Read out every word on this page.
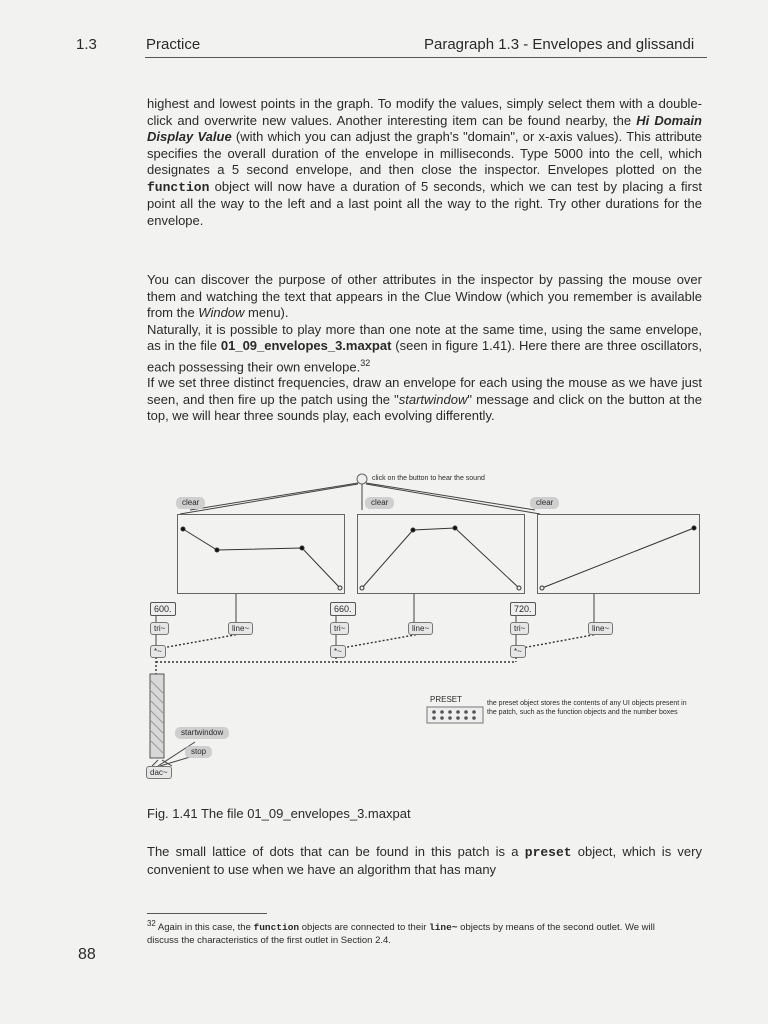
1.3	Practice	Paragraph 1.3 - Envelopes and glissandi

highest and lowest points in the graph. To modify the values, simply select them with a double-click and overwrite new values. Another interesting item can be found nearby, the Hi Domain Display Value (with which you can adjust the graph's "domain", or x-axis values). This attribute specifies the overall duration of the envelope in milliseconds. Type 5000 into the cell, which designates a 5 second envelope, and then close the inspector. Envelopes plotted on the function object will now have a duration of 5 seconds, which we can test by placing a first point all the way to the left and a last point all the way to the right. Try other durations for the envelope.

You can discover the purpose of other attributes in the inspector by passing the mouse over them and watching the text that appears in the Clue Window (which you remember is available from the Window menu).

Naturally, it is possible to play more than one note at the same time, using the same envelope, as in the file 01_09_envelopes_3.maxpat (seen in figure 1.41). Here there are three oscillators, each possessing their own envelope.$^{32}$

If we set three distinct frequencies, draw an envelope for each using the mouse as we have just seen, and then fire up the patch using the "startwindow" message and click on the button at the top, we will hear three sounds play, each evolving differently.

click on the button to hear the sound
clear	clear	clear
600.	660.	720.
tri~	tri~	tri~
line~	line~	line~
*~	*~	*~
PRESET	the preset object stores the contents of any UI objects present in the patch, such as the function objects and the number boxes
startwindow
stop
dac~
Fig. 1.41 The file 01_09_envelopes_3.maxpat

The small lattice of dots that can be found in this patch is a preset object, which is very convenient to use when we have an algorithm that has many

$^{32}$ Again in this case, the function objects are connected to their line~ objects by means of the second outlet. We will discuss the characteristics of the first outlet in Section 2.4.
88
